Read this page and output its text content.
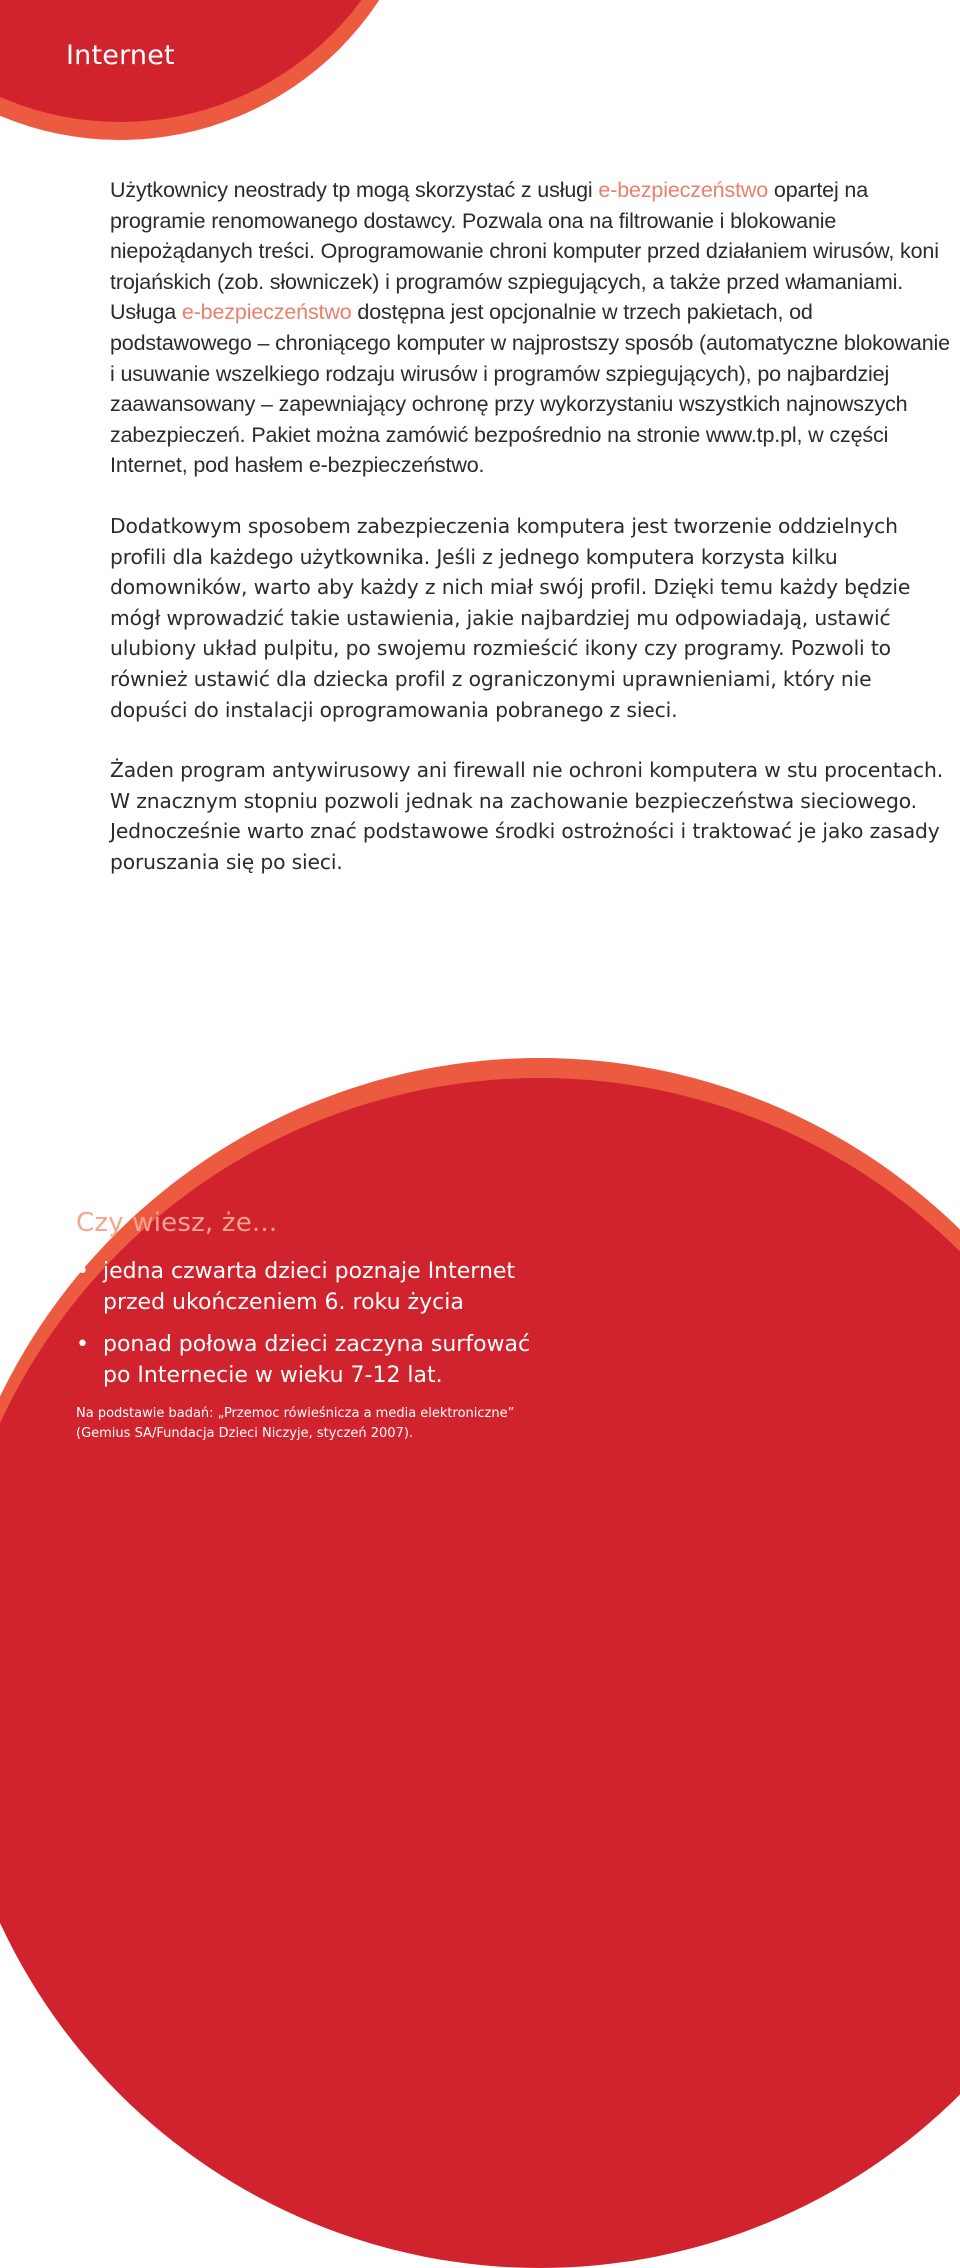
Internet

Użytkownicy neostrady tp mogą skorzystać z usługi e-bezpieczeństwo opartej na programie renomowanego dostawcy. Pozwala ona na filtrowanie i blokowanie niepożądanych treści. Oprogramowanie chroni komputer przed działaniem wirusów, koni trojańskich (zob. słowniczek) i programów szpiegujących, a także przed włamaniami. Usługa e-bezpieczeństwo dostępna jest opcjonalnie w trzech pakietach, od podstawowego – chroniącego komputer w najprostszy sposób (automatyczne blokowanie i usuwanie wszelkiego rodzaju wirusów i programów szpiegujących), po najbardziej zaawansowany – zapewniający ochronę przy wykorzystaniu wszystkich najnowszych zabezpieczeń. Pakiet można zamówić bezpośrednio na stronie www.tp.pl, w części Internet, pod hasłem e-bezpieczeństwo.

Dodatkowym sposobem zabezpieczenia komputera jest tworzenie oddzielnych profili dla każdego użytkownika. Jeśli z jednego komputera korzysta kilku domowników, warto aby każdy z nich miał swój profil. Dzięki temu każdy będzie mógł wprowadzić takie ustawienia, jakie najbardziej mu odpowiadają, ustawić ulubiony układ pulpitu, po swojemu rozmieścić ikony czy programy. Pozwoli to również ustawić dla dziecka profil z ograniczonymi uprawnieniami, który nie dopuści do instalacji oprogramowania pobranego z sieci.

Żaden program antywirusowy ani firewall nie ochroni komputera w stu procentach. W znacznym stopniu pozwoli jednak na zachowanie bezpieczeństwa sieciowego. Jednocześnie warto znać podstawowe środki ostrożności i traktować je jako zasady poruszania się po sieci.

Czy wiesz, że...
• jedna czwarta dzieci poznaje Internet
przed ukończeniem 6. roku życia
• ponad połowa dzieci zaczyna surfować
po Internecie w wieku 7-12 lat.

Na podstawie badań: „Przemoc rówieśnicza a media elektroniczne”
(Gemius SA/Fundacja Dzieci Niczyje, styczeń 2007).
